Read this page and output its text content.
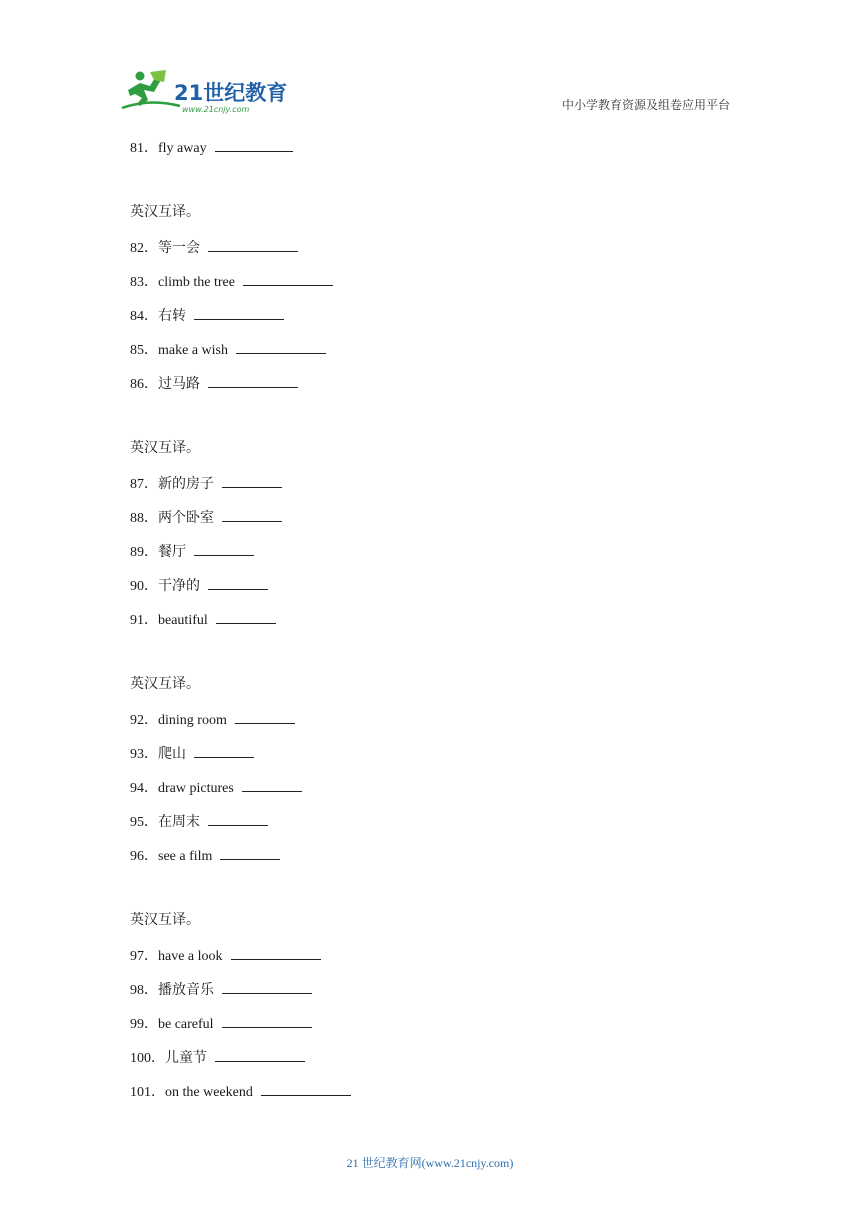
21世纪教育
www.21cnjy.com	中小学教育资源及组卷应用平台
81．fly away
英汉互译。
82．等一会
83．climb the tree
84．右转
85．make a wish
86．过马路
英汉互译。
87．新的房子
88．两个卧室
89．餐厅
90．干净的
91．beautiful
英汉互译。
92．dining room
93．爬山
94．draw pictures
95．在周末
96．see a film
英汉互译。
97．have a look
98．播放音乐
99．be careful
100．儿童节
101．on the weekend
21 世纪教育网(www.21cnjy.com)
